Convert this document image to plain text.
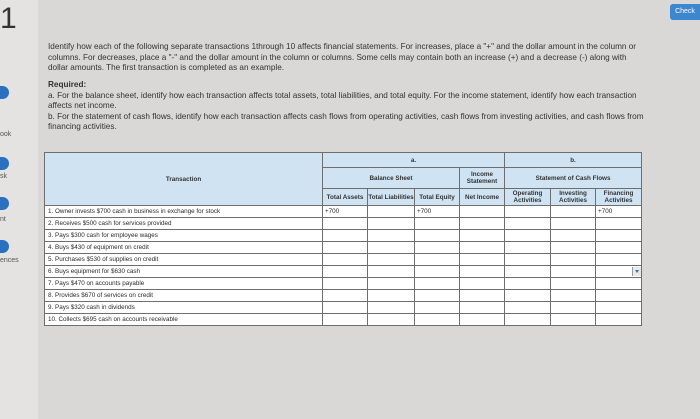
1
ook
sk
nt
ences
Check
Identify how each of the following separate transactions 1through 10 affects financial statements. For increases, place a "+" and the dollar amount in the column or columns. For decreases, place a "-" and the dollar amount in the column or columns. Some cells may contain both an increase (+) and a decrease (-) along with dollar amounts. The first transaction is completed as an example.
Required:
a. For the balance sheet, identify how each transaction affects total assets, total liabilities, and total equity. For the income statement, identify how each transaction affects net income.
b. For the statement of cash flows, identify how each transaction affects cash flows from operating activities, cash flows from investing activities, and cash flows from financing activities.
Transaction	a.				b.		
	Balance Sheet			Income Statement	Statement of Cash Flows		
	Total Assets	Total Liabilities	Total Equity	Net Income	Operating Activities	Investing Activities	Financing Activities
1. Owner invests $700 cash in business in exchange for stock	+700		+700				+700
2. Receives $500 cash for services provided							
3. Pays $300 cash for employee wages							
4. Buys $430 of equipment on credit							
5. Purchases $530 of supplies on credit							
6. Buys equipment for $630 cash							

7. Pays $470 on accounts payable							
8. Provides $670 of services on credit							
9. Pays $320 cash in dividends							
10. Collects $695 cash on accounts receivable							
